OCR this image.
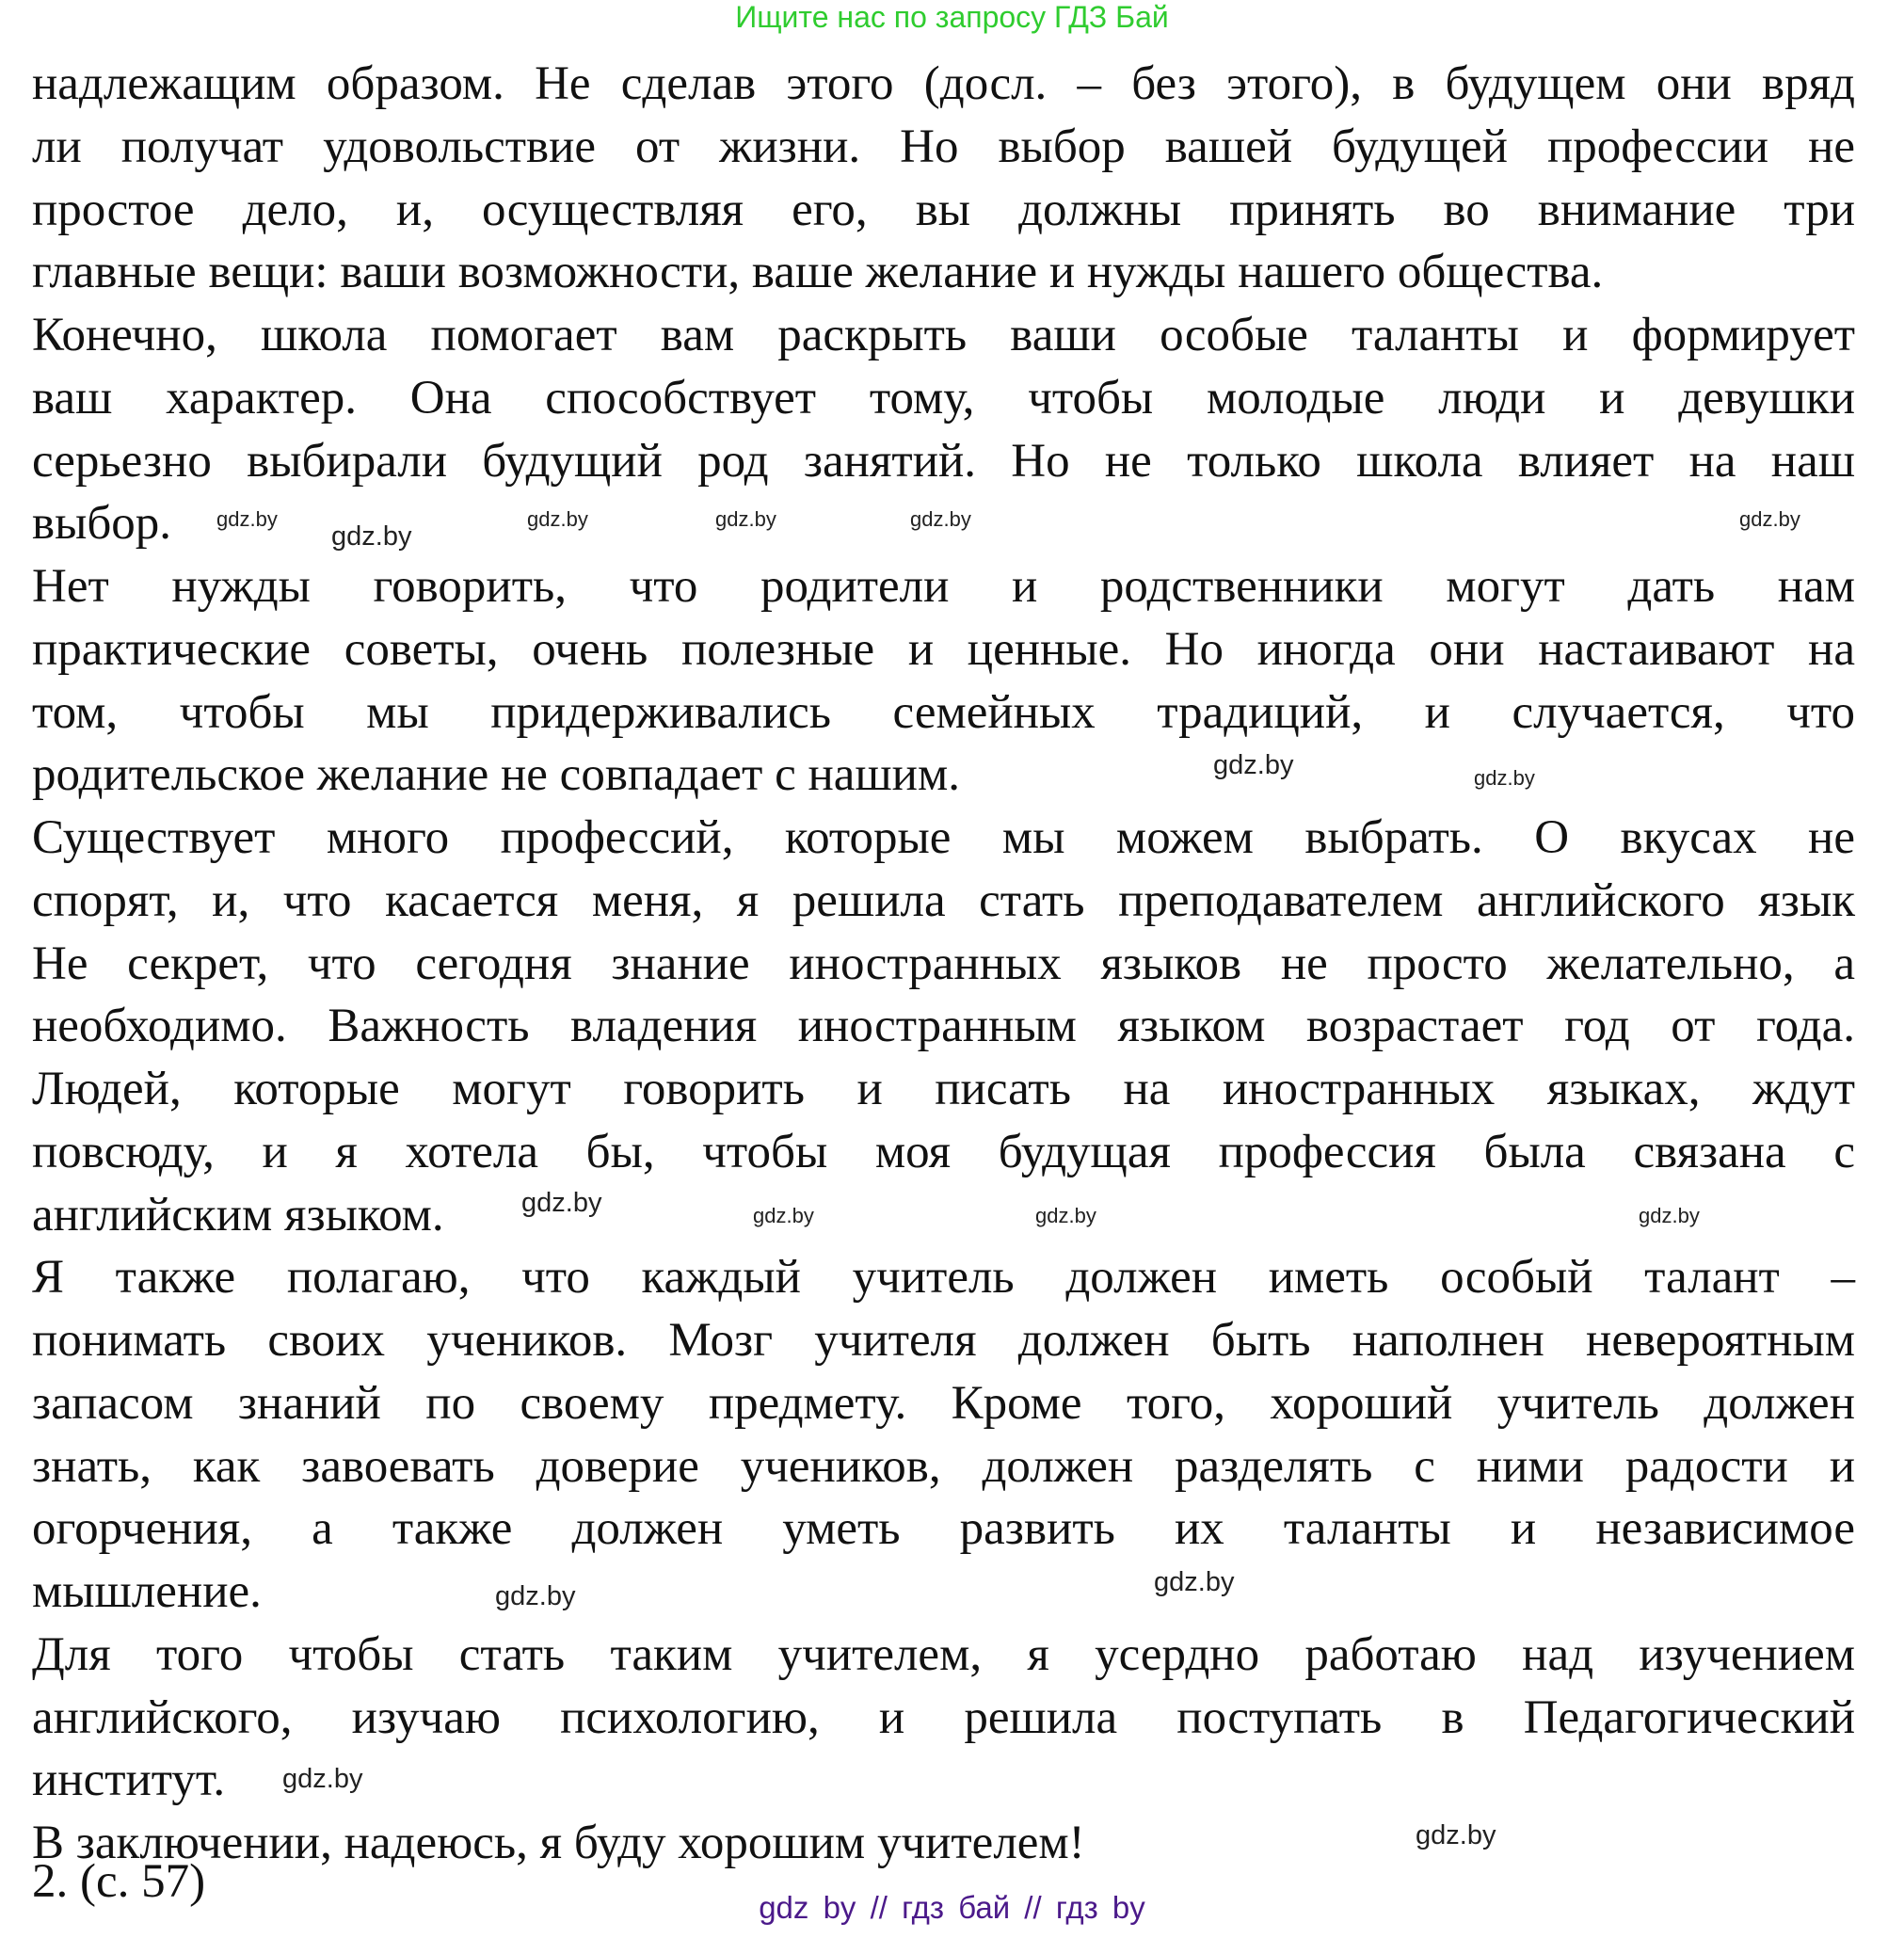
Ищите нас по запросу ГДЗ Бай
надлежащим образом. Не сделав этого (досл. – без этого), в будущем они вряд
ли получат удовольствие от жизни. Но выбор вашей будущей профессии не
простое дело, и, осуществляя его, вы должны принять во внимание три
главные вещи: ваши возможности, ваше желание и нужды нашего общества.
Конечно, школа помогает вам раскрыть ваши особые таланты и формирует
ваш характер. Она способствует тому, чтобы молодые люди и девушки
серьезно выбирали будущий род занятий. Но не только школа влияет на наш
выбор.
Нет нужды говорить, что родители и родственники могут дать нам
практические советы, очень полезные и ценные. Но иногда они настаивают на
том, чтобы мы придерживались семейных традиций, и случается, что
родительское желание не совпадает с нашим.
Существует много профессий, которые мы можем выбрать. О вкусах не
спорят, и, что касается меня, я решила стать преподавателем английского язык
Не секрет, что сегодня знание иностранных языков не просто желательно, а
необходимо. Важность владения иностранным языком возрастает год от года.
Людей, которые могут говорить и писать на иностранных языках, ждут
повсюду, и я хотела бы, чтобы моя будущая профессия была связана с
английским языком.
Я также полагаю, что каждый учитель должен иметь особый талант –
понимать своих учеников. Мозг учителя должен быть наполнен невероятным
запасом знаний по своему предмету. Кроме того, хороший учитель должен
знать, как завоевать доверие учеников, должен разделять с ними радости и
огорчения, а также должен уметь развить их таланты и независимое
мышление.
Для того чтобы стать таким учителем, я усердно работаю над изучением
английского, изучаю психологию, и решила поступать в Педагогический
институт.
В заключении, надеюсь, я буду хорошим учителем!
2. (с. 57)
gdz.by
gdz.by
gdz.by
gdz.by
gdz.by
gdz.by
gdz.by	gdz.by
gdz.by
gdz.by	gdz.by
gdz.by
gdz.by
gdz.by
gdz.by
gdz.by
gdz by // гдз бай // гдз by
